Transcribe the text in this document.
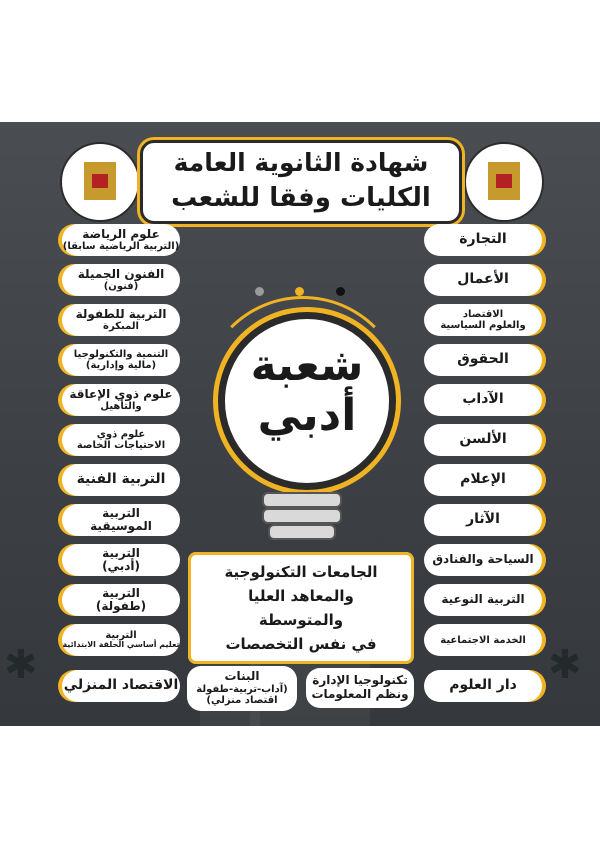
✱	✱
شهادة الثانوية العامة
الكليات وفقا للشعب
شعبة
أدبي
علوم الرياضة
(التربية الرياضية سابقا)
الفنون الجميلة
(فنون)
التربية للطفولة
المبكرة
التنمية والتكنولوجيا
(مالية وإدارية)
علوم ذوي الإعاقة
والتأهيل
علوم ذوي
الاحتياجات الخاصة
التربية الفنية
التربية
الموسيقية
التربية
(أدبي)
التربية
(طفولة)
التربية
تعليم أساسي الحلقة الابتدائية
الاقتصاد المنزلي
التجارة
الأعمال
الاقتصاد
والعلوم السياسية
الحقوق
الآداب
الألسن
الإعلام
الآثار
السياحة والفنادق
التربية النوعية
الخدمة الاجتماعية
دار العلوم
الجامعات التكنولوجية
والمعاهد العليا
والمتوسطة
في نفس التخصصات
البنات
(آداب-تربية-طفولة
اقتصاد منزلي)
تكنولوجيا الإدارة
ونظم المعلومات
